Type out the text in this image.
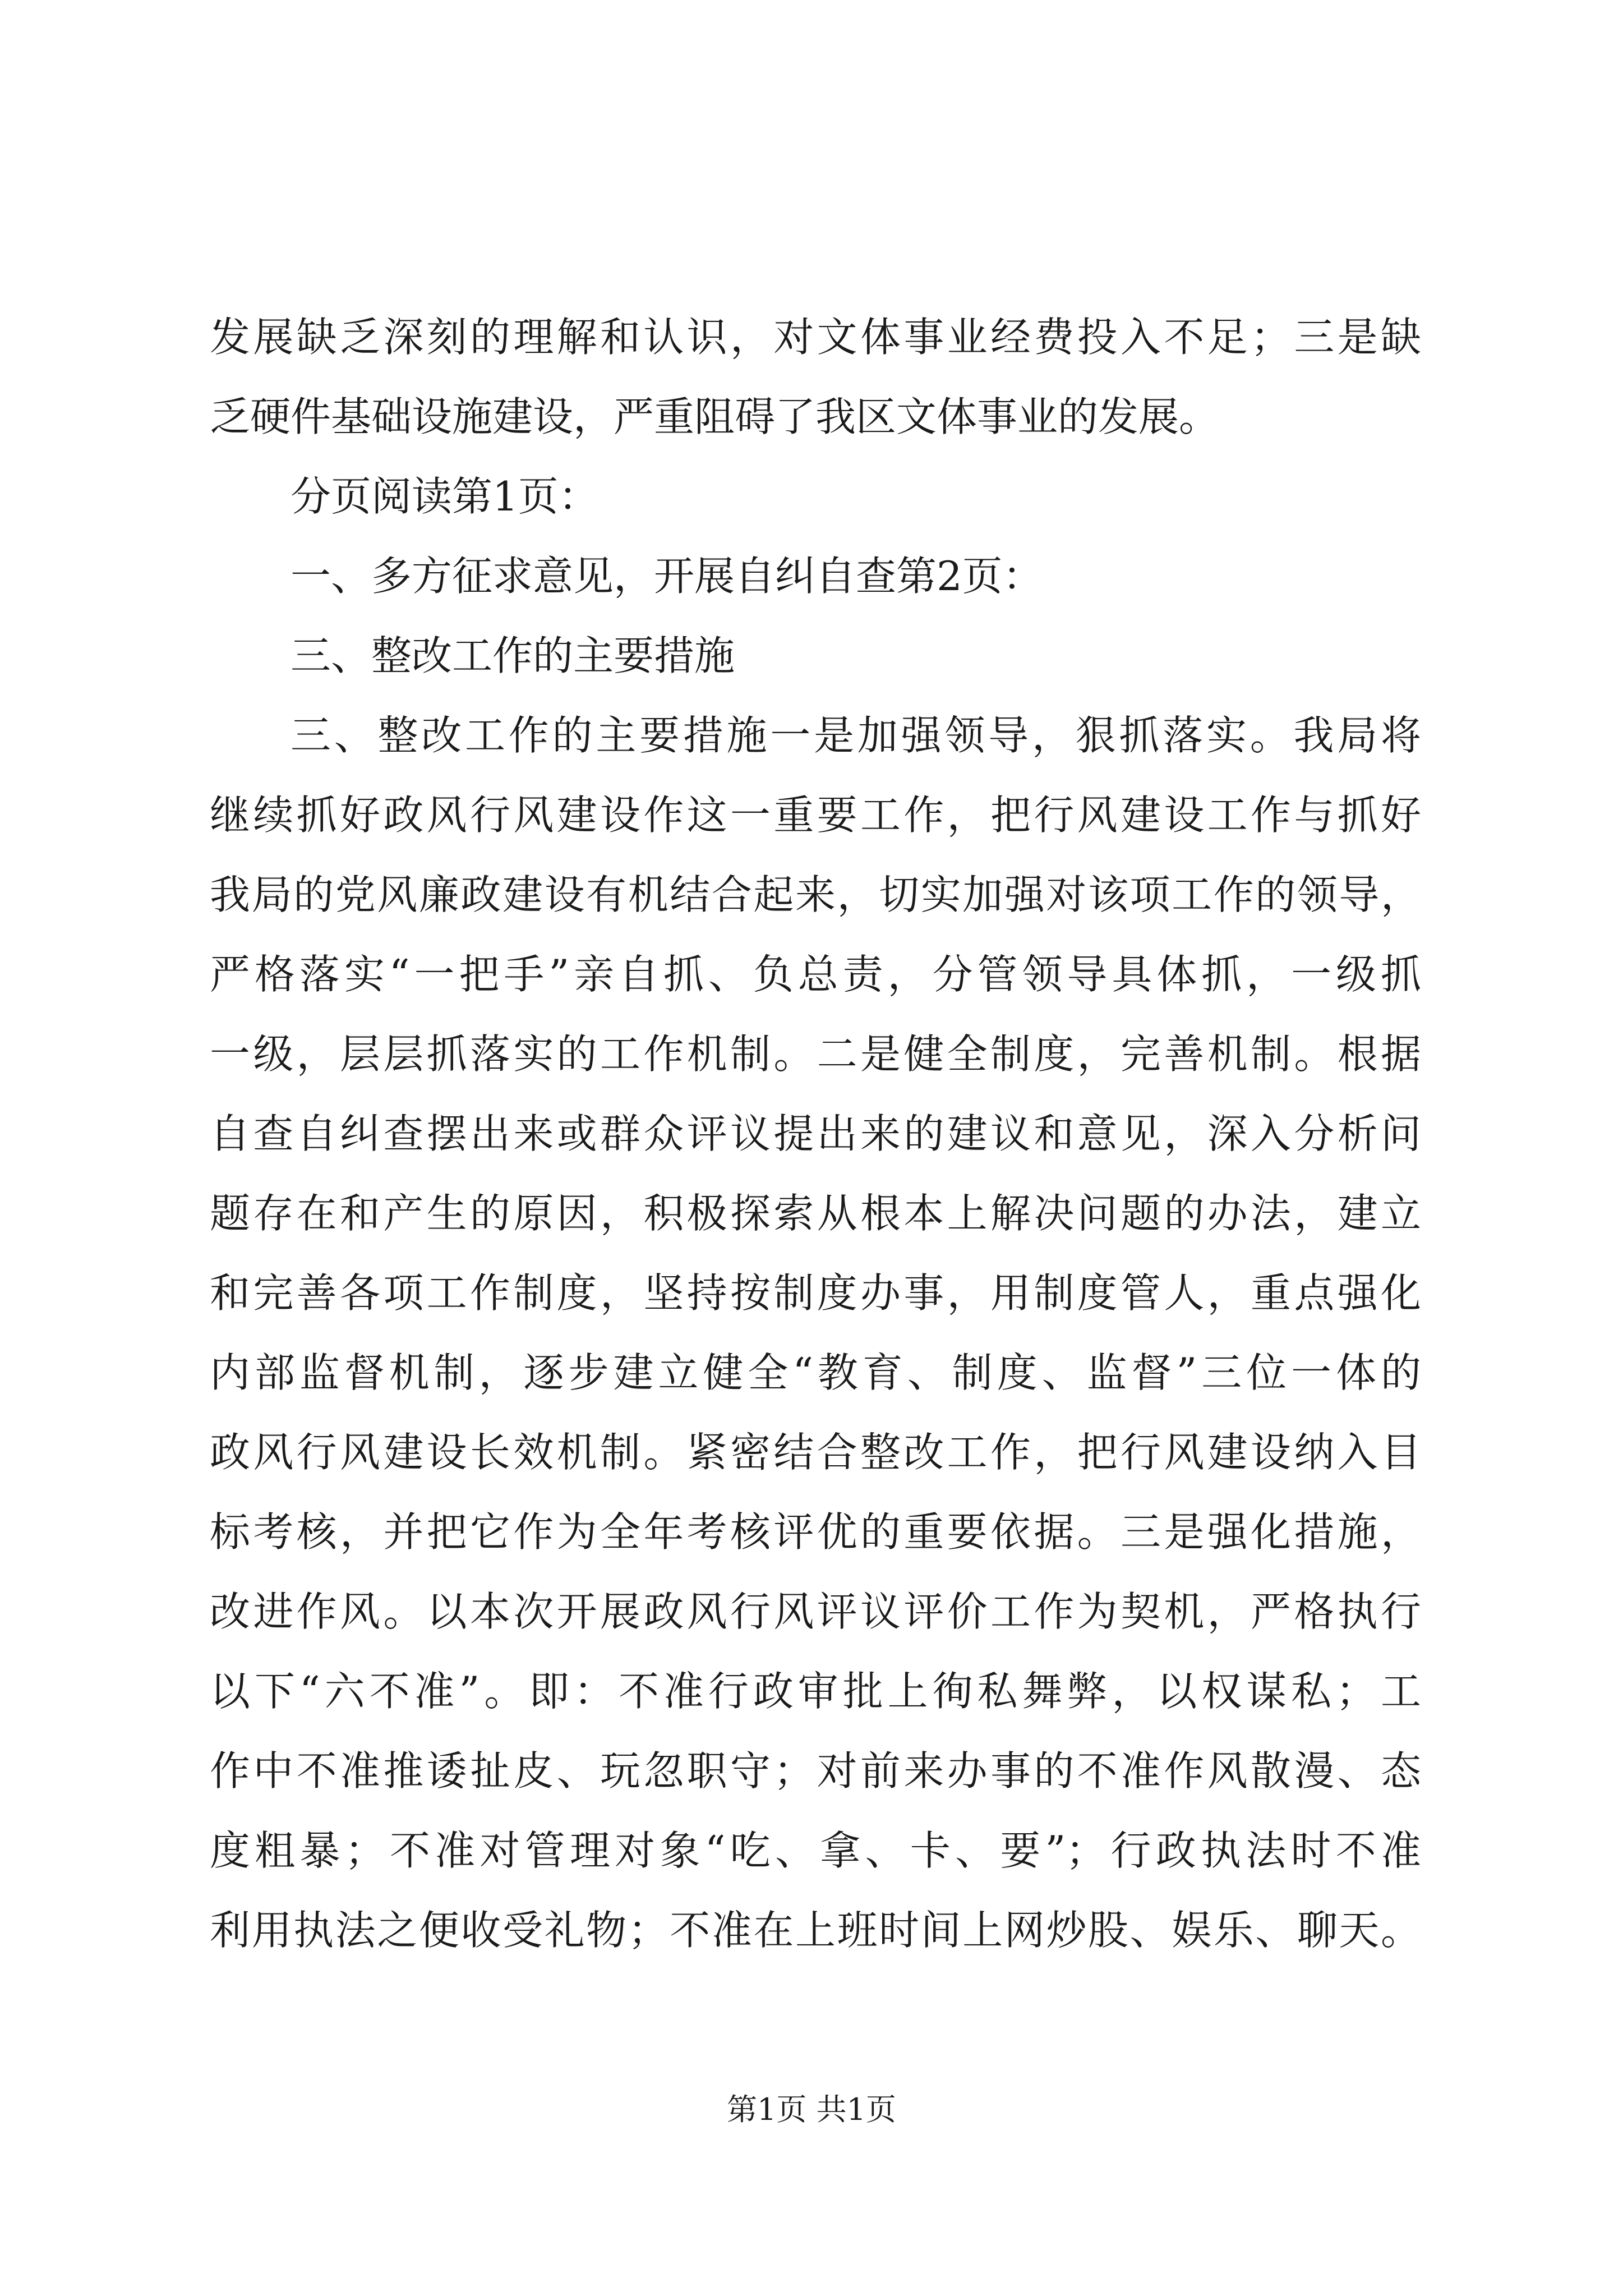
发展缺乏深刻的理解和认识，对文体事业经费投入不足；三是缺
乏硬件基础设施建设，严重阻碍了我区文体事业的发展。
分页阅读第1页：
一、多方征求意见，开展自纠自查第2页：
三、整改工作的主要措施
三、整改工作的主要措施一是加强领导，狠抓落实。我局将
继续抓好政风行风建设作这一重要工作，把行风建设工作与抓好
我局的党风廉政建设有机结合起来，切实加强对该项工作的领导，
严格落实“一把手”亲自抓、负总责，分管领导具体抓，一级抓
一级，层层抓落实的工作机制。二是健全制度，完善机制。根据
自查自纠查摆出来或群众评议提出来的建议和意见，深入分析问
题存在和产生的原因，积极探索从根本上解决问题的办法，建立
和完善各项工作制度，坚持按制度办事，用制度管人，重点强化
内部监督机制，逐步建立健全“教育、制度、监督”三位一体的
政风行风建设长效机制。紧密结合整改工作，把行风建设纳入目
标考核，并把它作为全年考核评优的重要依据。三是强化措施，
改进作风。以本次开展政风行风评议评价工作为契机，严格执行
以下“六不准”。即：不准行政审批上徇私舞弊，以权谋私；工
作中不准推诿扯皮、玩忽职守；对前来办事的不准作风散漫、态
度粗暴；不准对管理对象“吃、拿、卡、要”；行政执法时不准
利用执法之便收受礼物；不准在上班时间上网炒股、娱乐、聊天。
第1页 共1页
